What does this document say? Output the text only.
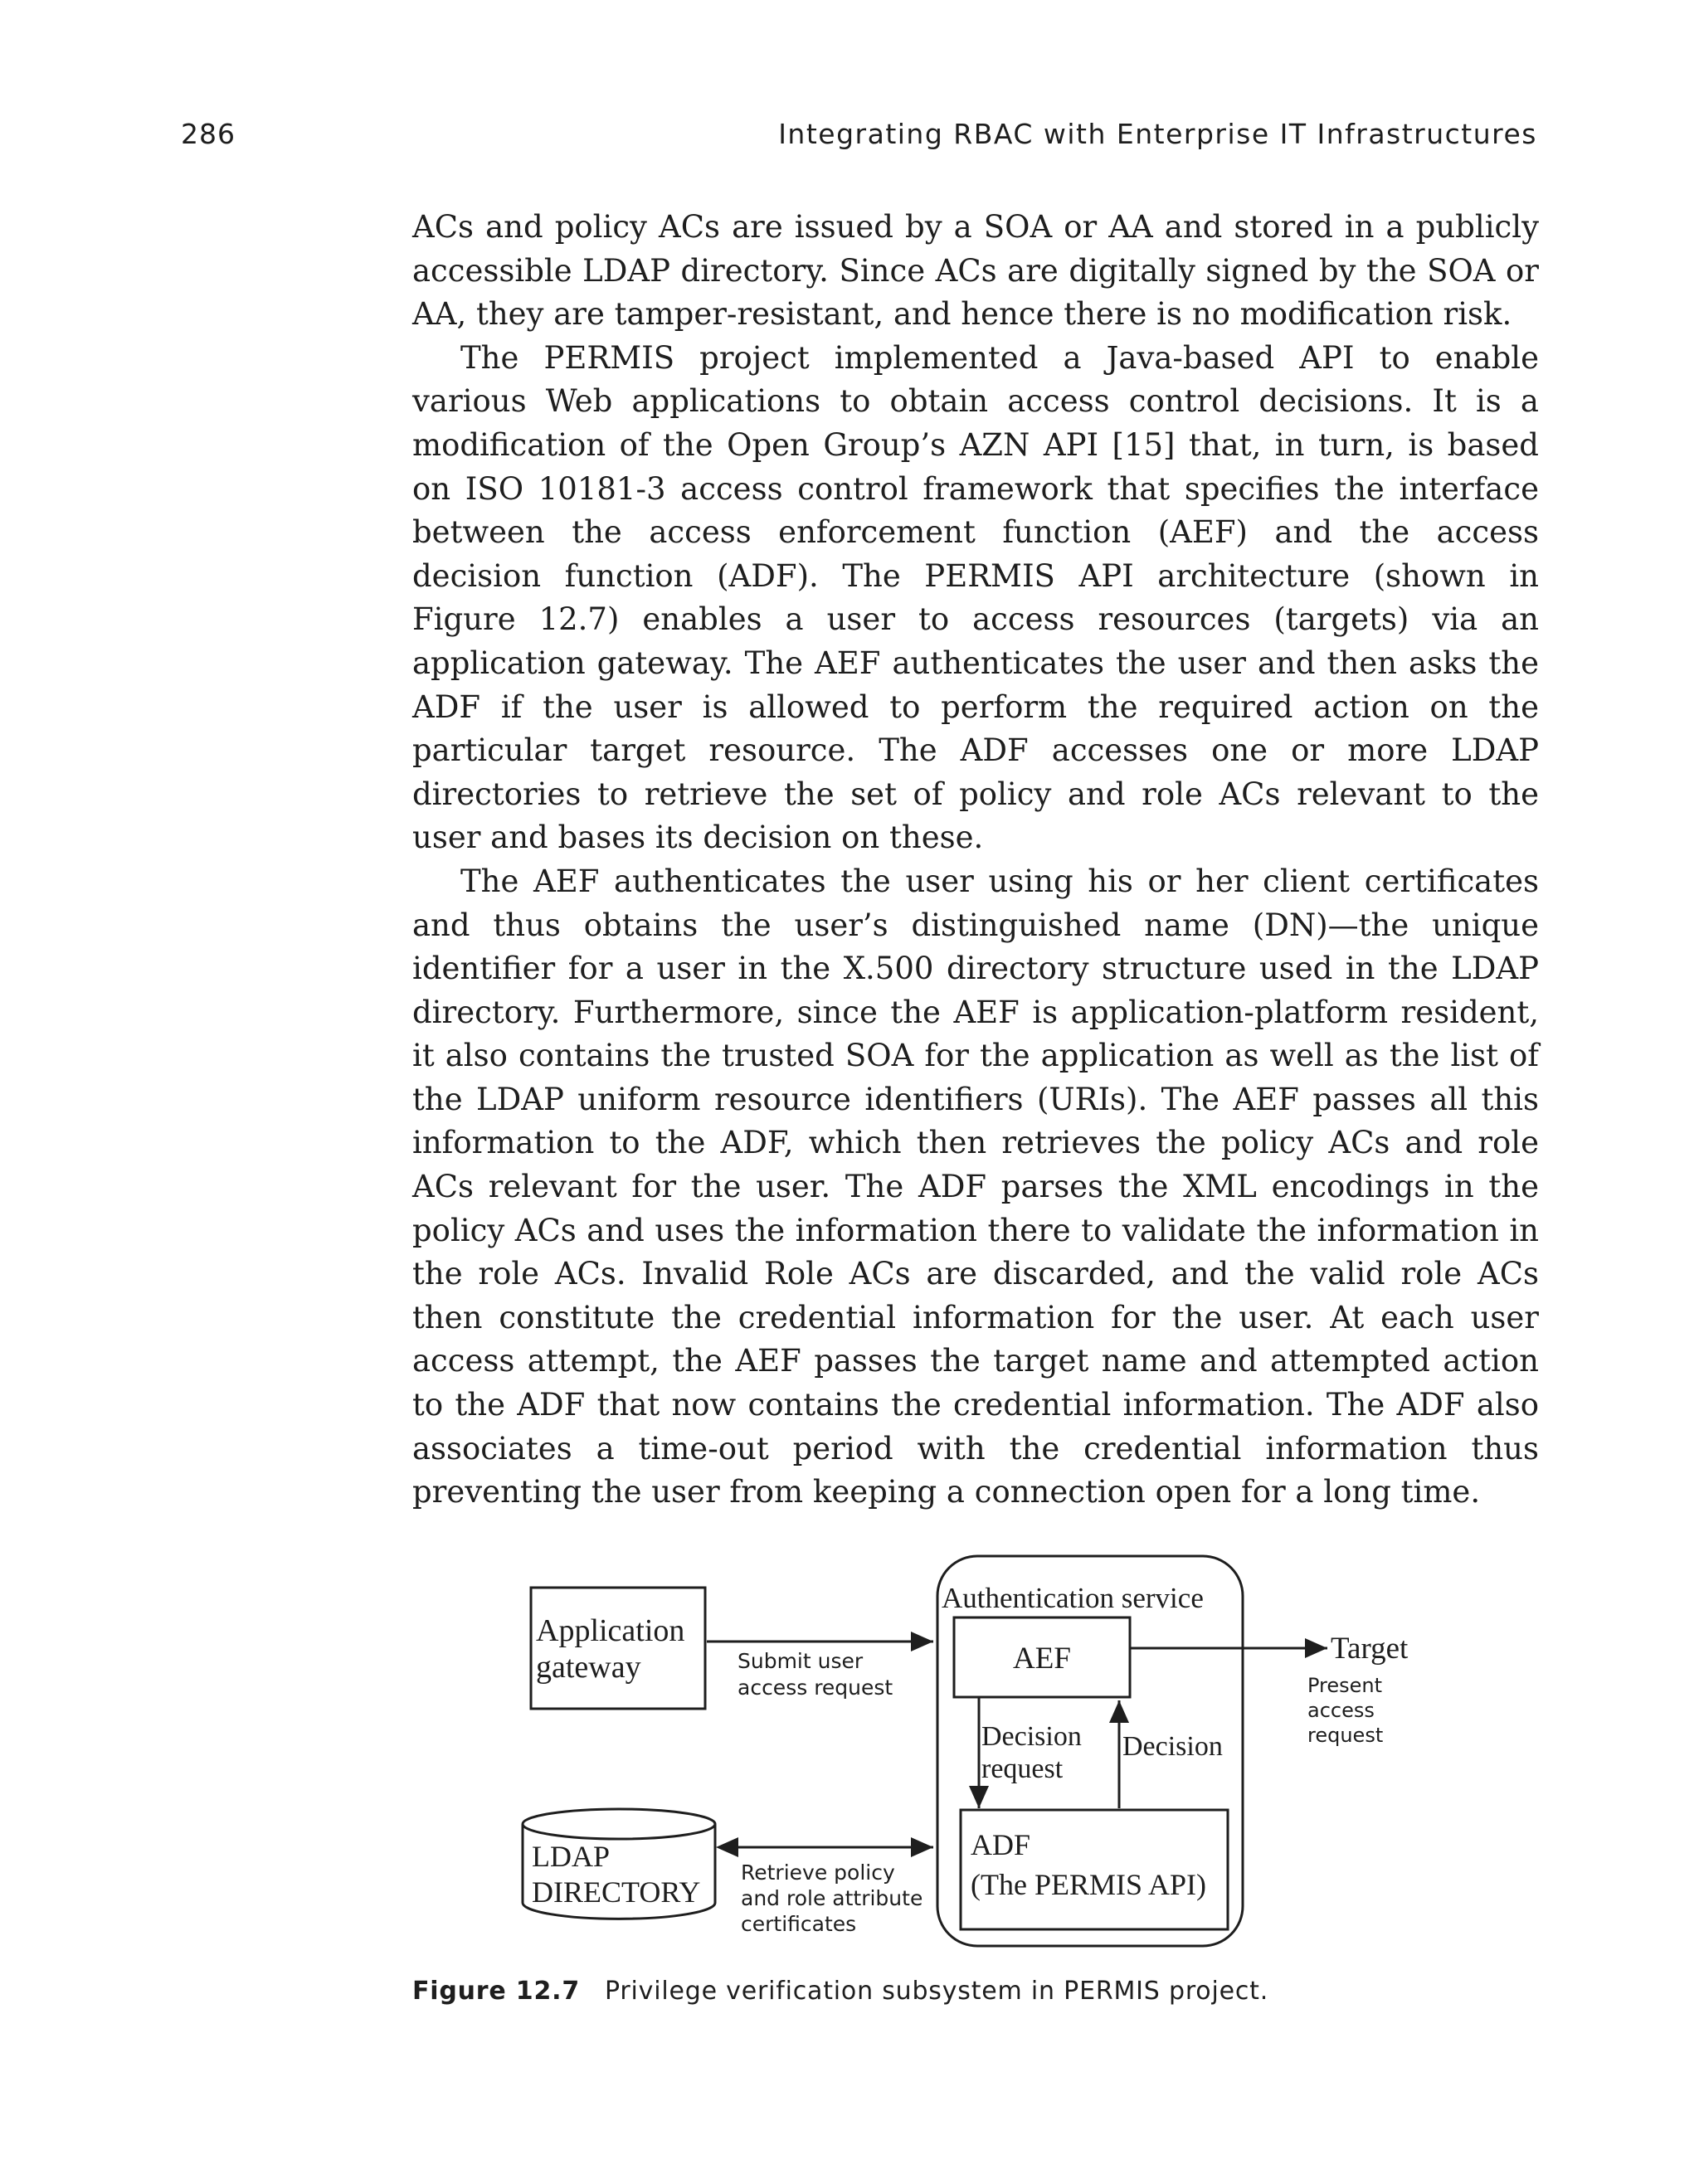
286	Integrating RBAC with Enterprise IT Infrastructures

ACs and policy ACs are issued by a SOA or AA and stored in a publicly accessible LDAP directory. Since ACs are digitally signed by the SOA or AA, they are tamper-resistant, and hence there is no modification risk.

The PERMIS project implemented a Java-based API to enable various Web applications to obtain access control decisions. It is a modification of the Open Group’s AZN API [15] that, in turn, is based on ISO 10181-3 access control framework that specifies the interface between the access enforcement function (AEF) and the access decision function (ADF). The PERMIS API architecture (shown in Figure 12.7) enables a user to access resources (targets) via an application gateway. The AEF authenticates the user and then asks the ADF if the user is allowed to perform the required action on the particular target resource. The ADF accesses one or more LDAP directories to retrieve the set of policy and role ACs relevant to the user and bases its decision on these.

The AEF authenticates the user using his or her client certificates and thus obtains the user’s distinguished name (DN)—the unique identifier for a user in the X.500 directory structure used in the LDAP directory. Furthermore, since the AEF is application-platform resident, it also contains the trusted SOA for the application as well as the list of the LDAP uniform resource identifiers (URIs). The AEF passes all this information to the ADF, which then retrieves the policy ACs and role ACs relevant for the user. The ADF parses the XML encodings in the policy ACs and uses the information there to validate the information in the role ACs. Invalid Role ACs are discarded, and the valid role ACs then constitute the credential information for the user. At each user access attempt, the AEF passes the target name and attempted action to the ADF that now contains the credential information. The ADF also associates a time-out period with the credential information thus preventing the user from keeping a connection open for a long time.

Application
gateway	Submit user
access request
Authentication service
AEF	Target
Present
access
request
Decision
request
Decision
ADF
(The PERMIS API)
LDAP
DIRECTORY
Retrieve policy
and role attribute
certificates
Figure 12.7 Privilege verification subsystem in PERMIS project.
